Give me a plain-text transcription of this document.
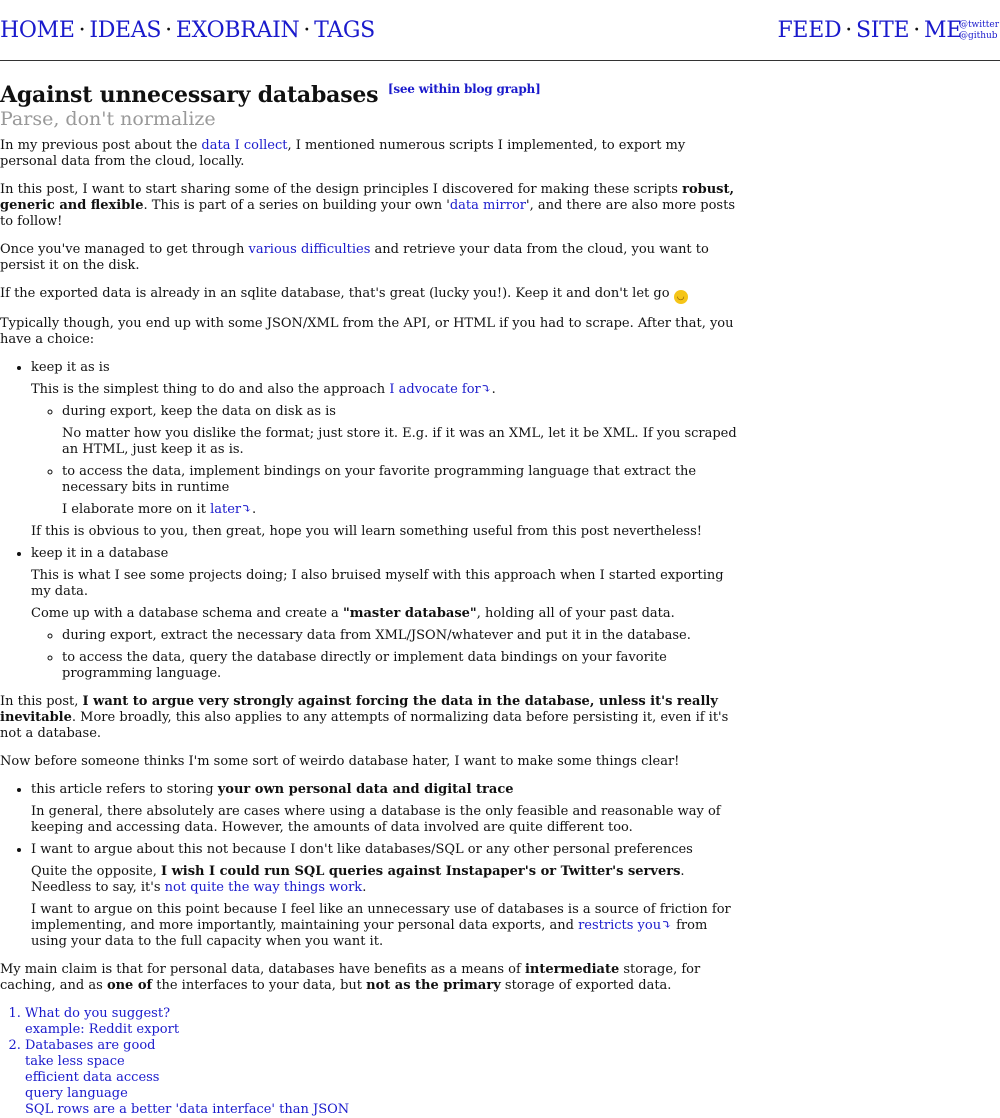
HOME · IDEAS · EXOBRAIN · TAGS	FEED · SITE · ME
@twitter
@github
Against unnecessary databases [see within blog graph]
Parse, don't normalize

In my previous post about the data I collect, I mentioned numerous scripts I implemented, to export my personal data from the cloud, locally.

In this post, I want to start sharing some of the design principles I discovered for making these scripts robust, generic and flexible. This is part of a series on building your own 'data mirror', and there are also more posts to follow!

Once you've managed to get through various difficulties and retrieve your data from the cloud, you want to persist it on the disk.

If the exported data is already in an sqlite database, that's great (lucky you!). Keep it and don't let go ◡

Typically though, you end up with some JSON/XML from the API, or HTML if you had to scrape. After that, you have a choice:

• keep it as is

This is the simplest thing to do and also the approach I advocate for⤵.

◦ during export, keep the data on disk as is

No matter how you dislike the format; just store it. E.g. if it was an XML, let it be XML. If you scraped an HTML, just keep it as is.

◦ to access the data, implement bindings on your favorite programming language that extract the necessary bits in runtime

I elaborate more on it later⤵.

If this is obvious to you, then great, hope you will learn something useful from this post nevertheless!

• keep it in a database

This is what I see some projects doing; I also bruised myself with this approach when I started exporting my data.

Come up with a database schema and create a "master database", holding all of your past data.

◦ during export, extract the necessary data from XML/JSON/whatever and put it in the database.
◦ to access the data, query the database directly or implement data bindings on your favorite programming language.

In this post, I want to argue very strongly against forcing the data in the database, unless it's really inevitable. More broadly, this also applies to any attempts of normalizing data before persisting it, even if it's not a database.

Now before someone thinks I'm some sort of weirdo database hater, I want to make some things clear!

• this article refers to storing your own personal data and digital trace

In general, there absolutely are cases where using a database is the only feasible and reasonable way of keeping and accessing data. However, the amounts of data involved are quite different too.

• I want to argue about this not because I don't like databases/SQL or any other personal preferences

Quite the opposite, I wish I could run SQL queries against Instapaper's or Twitter's servers. Needless to say, it's not quite the way things work.

I want to argue on this point because I feel like an unnecessary use of databases is a source of friction for implementing, and more importantly, maintaining your personal data exports, and restricts you⤵ from using your data to the full capacity when you want it.

My main claim is that for personal data, databases have benefits as a means of intermediate storage, for caching, and as one of the interfaces to your data, but not as the primary storage of exported data.

1. What do you suggest?
example: Reddit export
2. Databases are good
take less space
efficient data access
query language
SQL rows are a better 'data interface' than JSON
